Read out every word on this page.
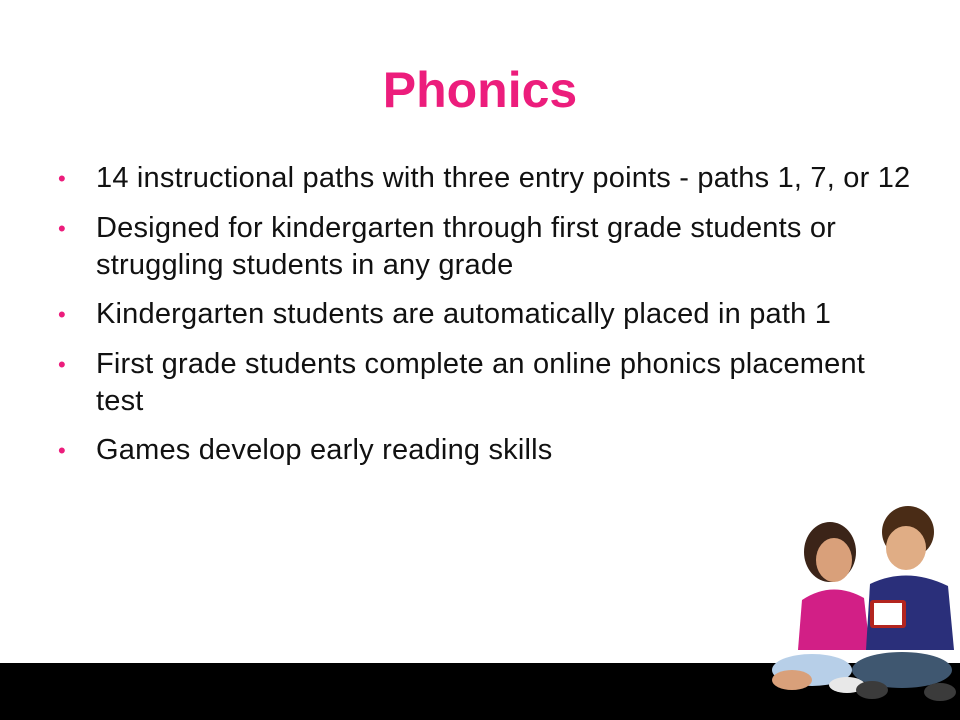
Phonics
•	14 instructional paths with three entry points - paths 1, 7, or 12
•	Designed for kindergarten through first grade students or struggling students in any grade
•	Kindergarten students are automatically placed in path 1
•	First grade students complete an online phonics placement test
•	Games develop early reading skills
